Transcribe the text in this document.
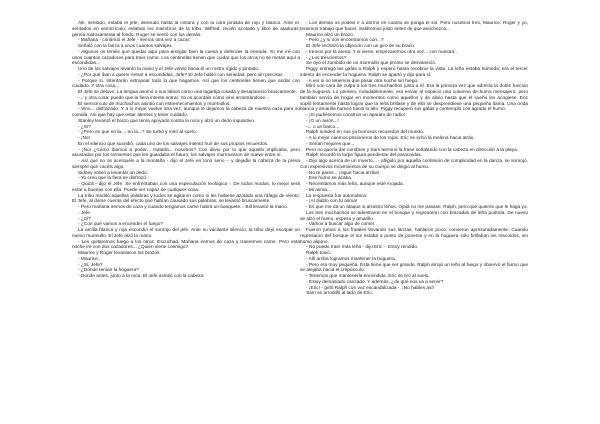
Allí, sentado, estaba el jefe, desnudo hasta la cintura y con la cara pintada de rojo y blanco. Ante él, sentados en semicírculo, estaban los miembros de la tribu. Wilfred, recién azotado y libre de ataduras, gemía ruidosamente al fondo. Roger se sentó con los demás.

- Mañana - continuó el Jefe - iremos otra vez a cazar.

Señaló con la lanza a unos cuantos salvajes.

- Algunos os tenéis que quedar aquí para arreglar bien la cueva y defender la entrada. Yo me iré con unos cuantos cazadores para traer carne. Los centinelas tienen que cuidar que los otros no se metan aquí a escondidas...

Uno de los salvajes levantó la mano y el Jefe volvió hacia él un rostro rígido y pintado.

- ¿Por qué iban a querer entrar a escondidas, Jefe? El Jefe habló con seriedad, pero sin precisar:

- Porque sí. Intentarán estropear todo lo que hagamos. Así que los centinelas tienen que andar con cuidado. Y otra cosa...

El Jefe se detuvo. La lengua asomó a sus labios como una lagartija rosada y desapareció bruscamente.

-... y otra cosa: puede que la fiera intente entrar. Ya os acordáis cómo vino arrastrándose...

El semicírculo de muchachos asintió con estremecimientos y murmullos.

- Vino... disfrazado. Y a lo mejor vuelve otra vez, aunque le dejamos la cabeza de nuestra caza para su comida. Así que hay que estar atentos y tener cuidado.

Stanley levantó el brazo que tenía apoyado contra la roca y alzó un dedo inquisitivo.

- ¿Sí?

- ¿Pero es que no la..., no la...? Se turbó y miró al suelo.

- ¡No!

En el silencio que sucedió, cada uno de los salvajes intentó huir de sus propios recuerdos.

- ¡No! ¿Cómo íbamos a poder... matarla... nosotros? Con alivio por lo que aquello implicaba, pero asustados por los tormentos que les guardaba el futuro, los salvajes murmuraron de nuevo entre sí.

- Así que no os acerquéis a la montaña - dijo el Jefe en tono serio -, y dejadle la cabeza de la presa siempre que cacéis algo.

Sidney volvió a levantar un dedo.

- Yo creo que la fiera se disfrazó.

- Quizá - dijo el Jefe. Se enfrentaban con una especulación teológica -. De todos modos, lo mejor será estar a buenas con ella. Puede ser capaz de cualquier cosa.

La tribu meditó aquellas palabras y todos se agitaron como si les hubiese azotado una ráfaga de viento. El Jefe, al darse cuenta del efecto que habían causado sus palabras, se levantó bruscamente.

- Pero mañana iremos de caza y cuando tengamos carne habrá un banquete... Bill levantó la mano.

- Jefe.

- ¿Sí?

- ¿Con qué vamos a encender el fuego?

La arcilla blanca y roja escondió el sonrojo del jefe. Ante su vacilante silencio, la tribu dejó escapar un nuevo murmullo. El Jefe alzó la mano.

- Les quitaremos fuego a los otros. Escuchad. Mañana iremos de caza y traeremos carne. Pero esta noche iré con dos cazadores... ¿Quién viene conmigo?

Maurice y Roger levantaron los brazos.

- Maurice...

- ¿Sí, Jefe?

- ¿Dónde tenían la hoguera?

- Donde antes, junto a la roca. El Jefe asintió con la cabeza.

- Los demás os podéis ir a dormir en cuanto se ponga el sol. Pero nosotros tres, Maurice, Roger y yo, tenemos trabajo que hacer. Saldremos justo antes de que anochezca...

Maurice alzó un brazo.

- Pero ¿y si nos encontramos con...?

El Jefe rechazó la objeción con un giro de su brazo.

- Iremos por la arena. Y si viene, empezaremos otra vez... con nuestra...

- ¿Los trescientos?

Se oyó el zumbido de un murmullo que pronto se desvaneció.

Piggy entregó las gafas a Ralph y esperó hasta recobrar la vista. La leña estaba húmeda; era el tercer intento de encender la hoguera. Ralph se apartó y dijo para sí:

- A ver si no tenemos que pasar otra noche sin fuego.

Miró con cara de culpa a los tres muchachos junto a él. Era la primera vez que admitía la doble función de la hoguera. Lo primero, indudablemente, era enviar al espacio una columna de humo mensajero; pero también servía de hogar en momentos como aquellos y de alivio hasta que el sueño les acogiese. Eric sopló lentamente hasta lograr que la leña brillase y de ella se desprendiese una pequeña llama. Una onda blanca y amarilla humeó hacia lo alto. Piggy recuperó sus gafas y contempló con agrado el humo.

- ¡Si pudiésemos construir un aparato de radio!

- ¡O un avión...!

-... o un barco...

Ralph sondeó en sus ya borrosos recuerdos del mundo.

- A lo mejor caemos prisioneros de los rojos. Eric se echó la melena hacia atrás.

- Serían mejores que...

Pero no quería dar nombres y Sam terminó la frase señalando con la cabeza en dirección a la playa.

Ralph recordó la torpe figura pendiente del paracaídas.

- Dijo algo acerca de un muerto... - afligido por aquella confesión de complicidad en la danza, se sonrojó. Con expresivos movimientos de su cuerpo se dirigió al humo.

- No te pares... ¡sigue hacia arriba!

- Ese humo se acaba.

- Necesitamos más leña, aunque esté mojada.

- Mi asma...

La respuesta fue automática:

- ¡Al diablo con tu asma!

- Es que me da un ataque si arrastro leños. Ojalá no me pasase, Ralph, pero qué quieres que le haga yo.

Los tres muchachos se adentraron en el bosque y regresaron con brazadas de leña podrida. De nuevo se alzó el humo, espeso y amarillo.

- Vamos a buscar algo de comer.

Fueron juntos a los frutales llevando sus lanzas; hablaron poco, comieron apresuradamente. Cuando regresaron del bosque el sol estaba a punto de ponerse y en la hoguera sólo brillaban los rescoldos, sin humo alguno.

- No puedo traer más leña - dijo Eric -. Estoy rendido.

Ralph tosió.

- Allí arriba logramos mantener la hoguera.

- Pero era muy pequeña. Ésta tiene que ser grande. Ralph arrojó un leño al fuego y observó el humo que se alejaba hacia el crepúsculo.

- Tenemos que mantenerla encendida. Eric se tiró al suelo.

- Estoy demasiado cansado. Y además, ¿de qué nos va a servir?

- ¡Eric! - gritó Ralph con voz escandalizada -. ¡No hables así!

Sam se arrodilló al lado de Eric.
